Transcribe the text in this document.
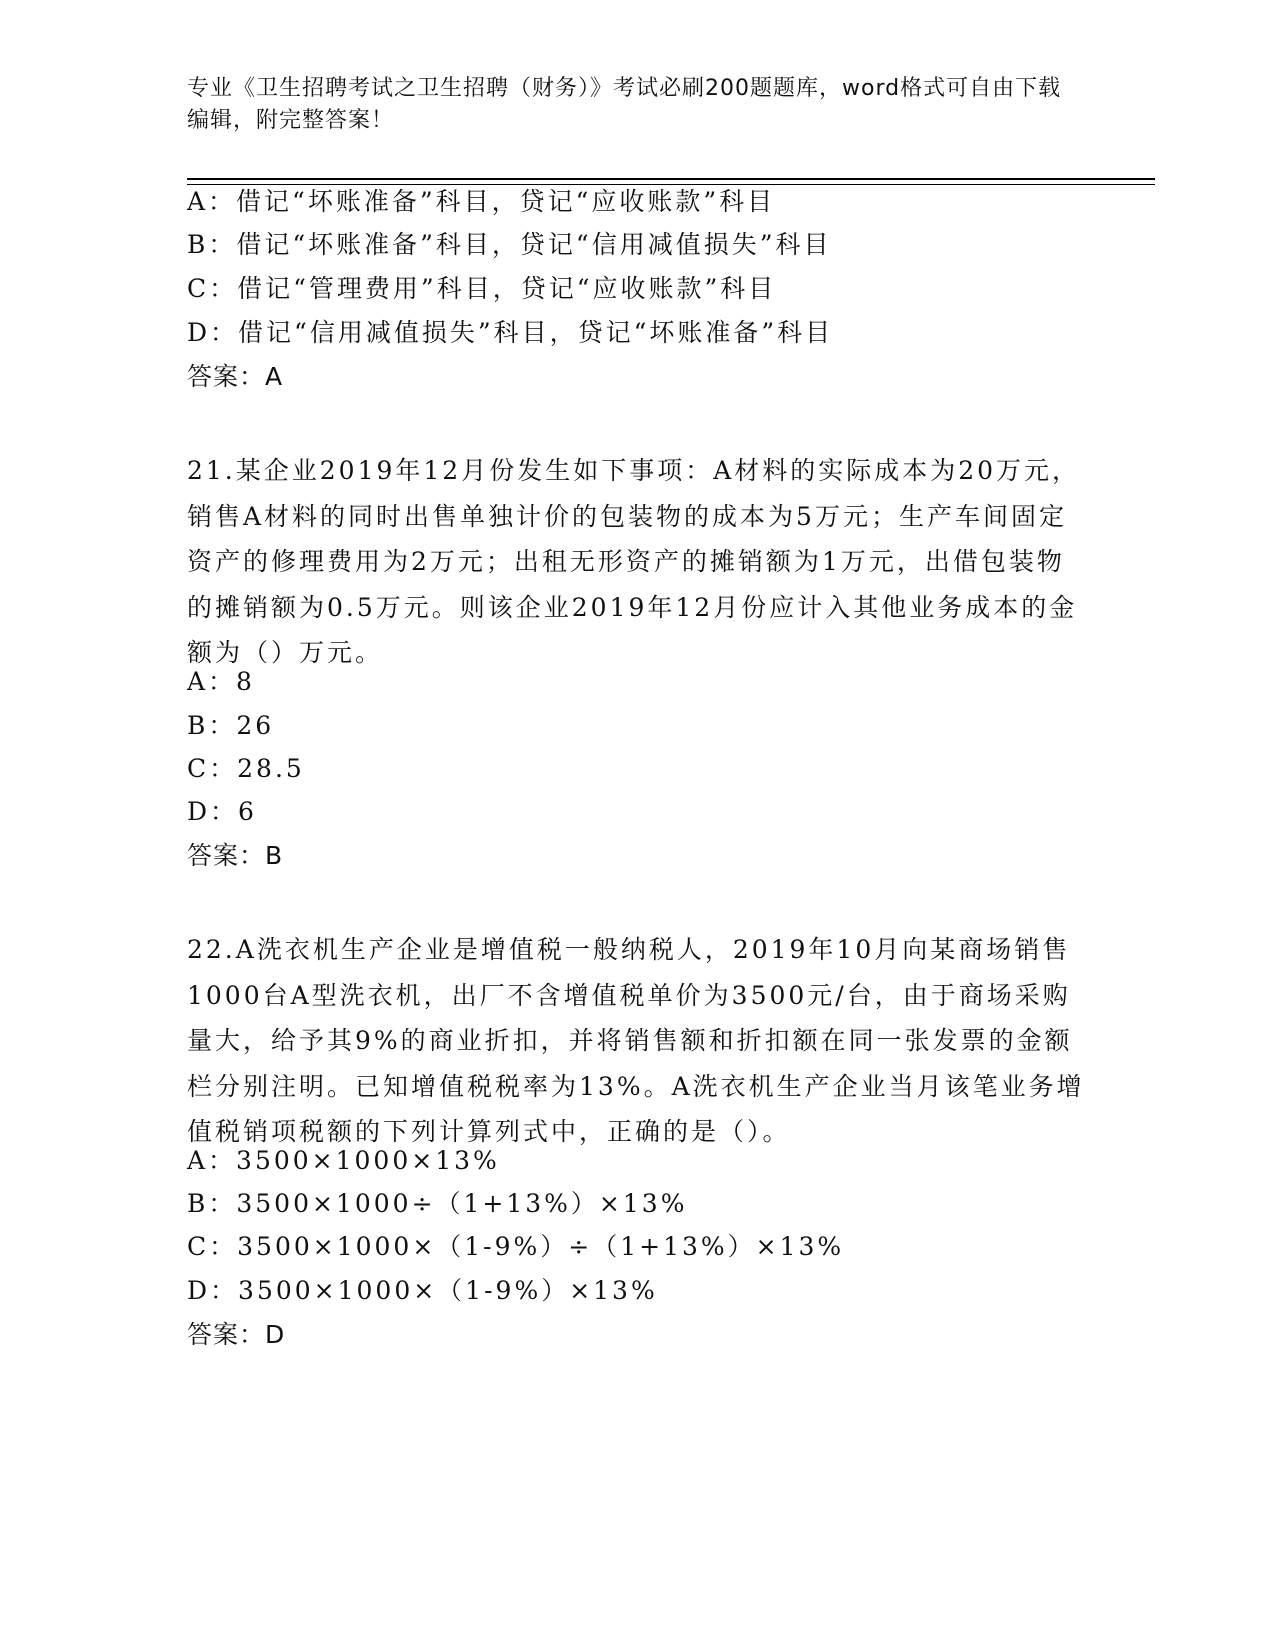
专业《卫生招聘考试之卫生招聘（财务）》考试必刷200题题库，word格式可自由下载编辑，附完整答案！
A：借记“坏账准备”科目，贷记“应收账款”科目
B：借记“坏账准备”科目，贷记“信用减值损失”科目
C：借记“管理费用”科目，贷记“应收账款”科目
D：借记“信用减值损失”科目，贷记“坏账准备”科目
答案：A
21.某企业2019年12月份发生如下事项：A材料的实际成本为20万元，销售A材料的同时出售单独计价的包装物的成本为5万元；生产车间固定资产的修理费用为2万元；出租无形资产的摊销额为1万元，出借包装物的摊销额为0.5万元。则该企业2019年12月份应计入其他业务成本的金额为（）万元。
A：8
B：26
C：28.5
D：6
答案：B
22.A洗衣机生产企业是增值税一般纳税人，2019年10月向某商场销售1000台A型洗衣机，出厂不含增值税单价为3500元/台，由于商场采购量大，给予其9%的商业折扣，并将销售额和折扣额在同一张发票的金额栏分别注明。已知增值税税率为13%。A洗衣机生产企业当月该笔业务增值税销项税额的下列计算列式中，正确的是（）。
A：3500×1000×13%
B：3500×1000÷（1+13%）×13%
C：3500×1000×（1-9%）÷（1+13%）×13%
D：3500×1000×（1-9%）×13%
答案：D
